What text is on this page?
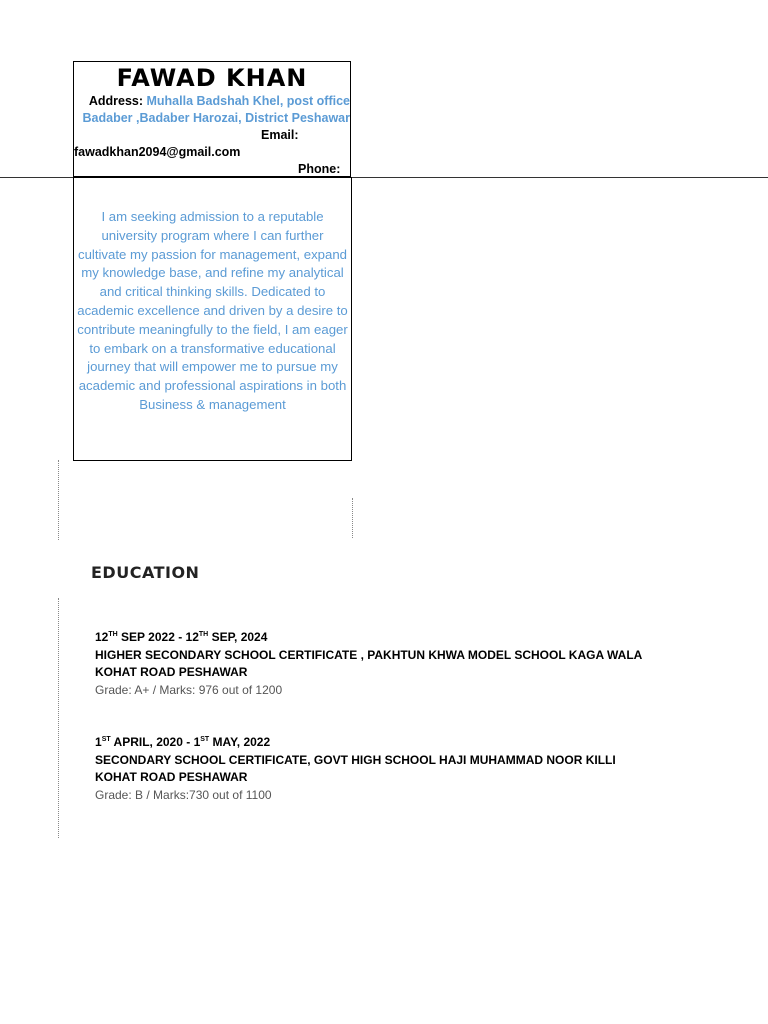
FAWAD KHAN
Address: Muhalla Badshah Khel, post office
Badaber ,Badaber Harozai, District Peshawar
Email:
fawadkhan2094@gmail.com
Phone:
I am seeking admission to a reputable university program where I can further cultivate my passion for management, expand my knowledge base, and refine my analytical and critical thinking skills. Dedicated to academic excellence and driven by a desire to contribute meaningfully to the field, I am eager to embark on a transformative educational journey that will empower me to pursue my academic and professional aspirations in both Business & management
EDUCATION
12TH SEP 2022 - 12TH SEP, 2024
HIGHER SECONDARY SCHOOL CERTIFICATE , PAKHTUN KHWA MODEL SCHOOL KAGA WALA KOHAT ROAD PESHAWAR
Grade: A+ / Marks: 976 out of 1200
1ST APRIL, 2020 - 1ST MAY, 2022
SECONDARY SCHOOL CERTIFICATE, GOVT HIGH SCHOOL HAJI MUHAMMAD NOOR KILLI KOHAT ROAD PESHAWAR
Grade: B / Marks:730 out of 1100
